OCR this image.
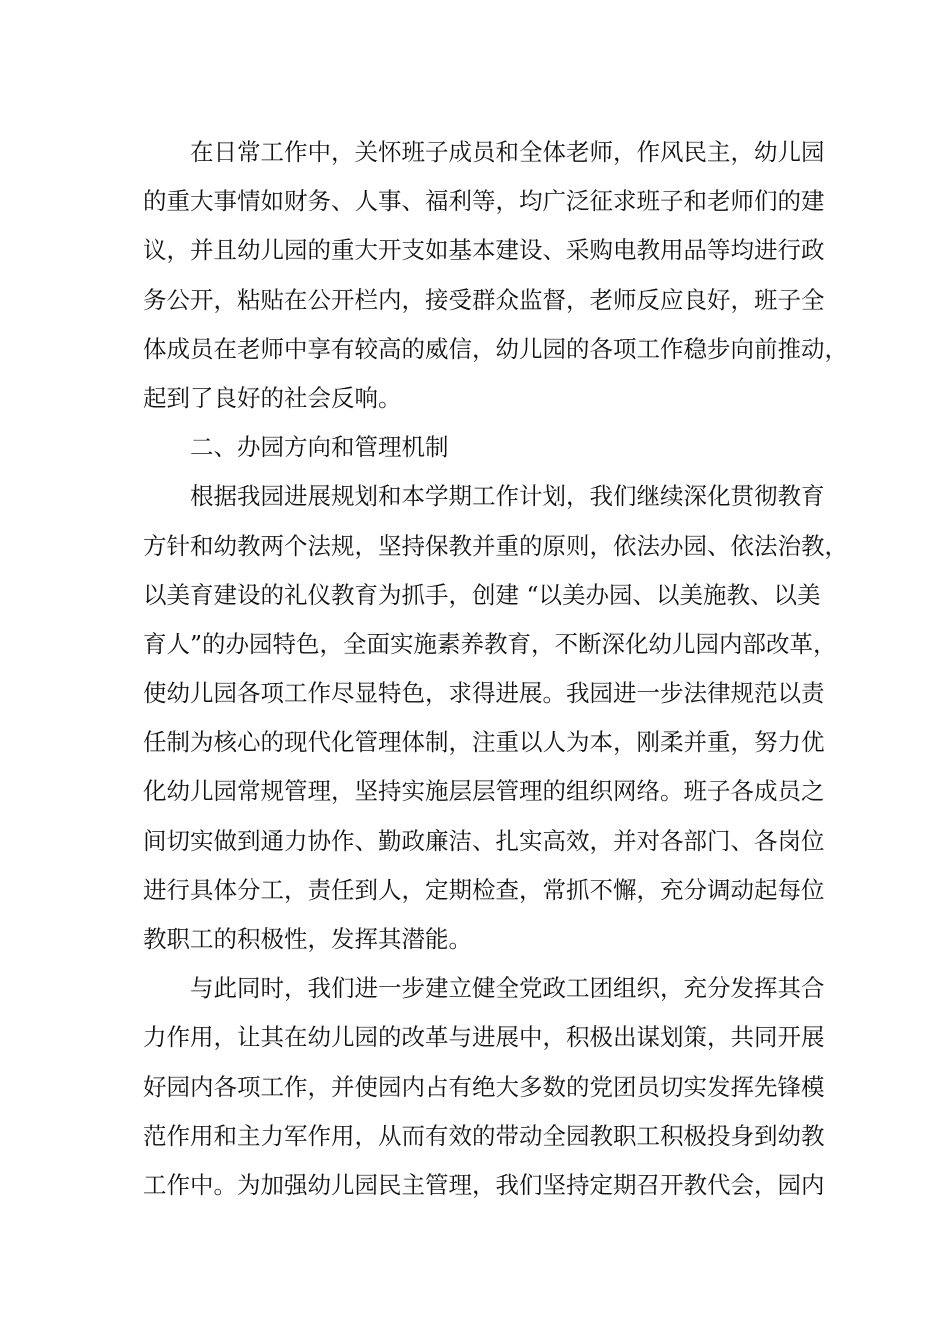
在日常工作中，关怀班子成员和全体老师，作风民主，幼儿园
的重大事情如财务、人事、福利等，均广泛征求班子和老师们的建
议，并且幼儿园的重大开支如基本建设、采购电教用品等均进行政
务公开，粘贴在公开栏内，接受群众监督，老师反应良好，班子全
体成员在老师中享有较高的威信，幼儿园的各项工作稳步向前推动，
起到了良好的社会反响。
二、办园方向和管理机制
根据我园进展规划和本学期工作计划，我们继续深化贯彻教育
方针和幼教两个法规，坚持保教并重的原则，依法办园、依法治教，
以美育建设的礼仪教育为抓手，创建 “以美办园、以美施教、以美
育人”的办园特色，全面实施素养教育，不断深化幼儿园内部改革，
使幼儿园各项工作尽显特色，求得进展。我园进一步法律规范以责
任制为核心的现代化管理体制，注重以人为本，刚柔并重，努力优
化幼儿园常规管理，坚持实施层层管理的组织网络。班子各成员之
间切实做到通力协作、勤政廉洁、扎实高效，并对各部门、各岗位
进行具体分工，责任到人，定期检查，常抓不懈，充分调动起每位
教职工的积极性，发挥其潜能。
与此同时，我们进一步建立健全党政工团组织，充分发挥其合
力作用，让其在幼儿园的改革与进展中，积极出谋划策，共同开展
好园内各项工作，并使园内占有绝大多数的党团员切实发挥先锋模
范作用和主力军作用，从而有效的带动全园教职工积极投身到幼教
工作中。为加强幼儿园民主管理，我们坚持定期召开教代会，园内
